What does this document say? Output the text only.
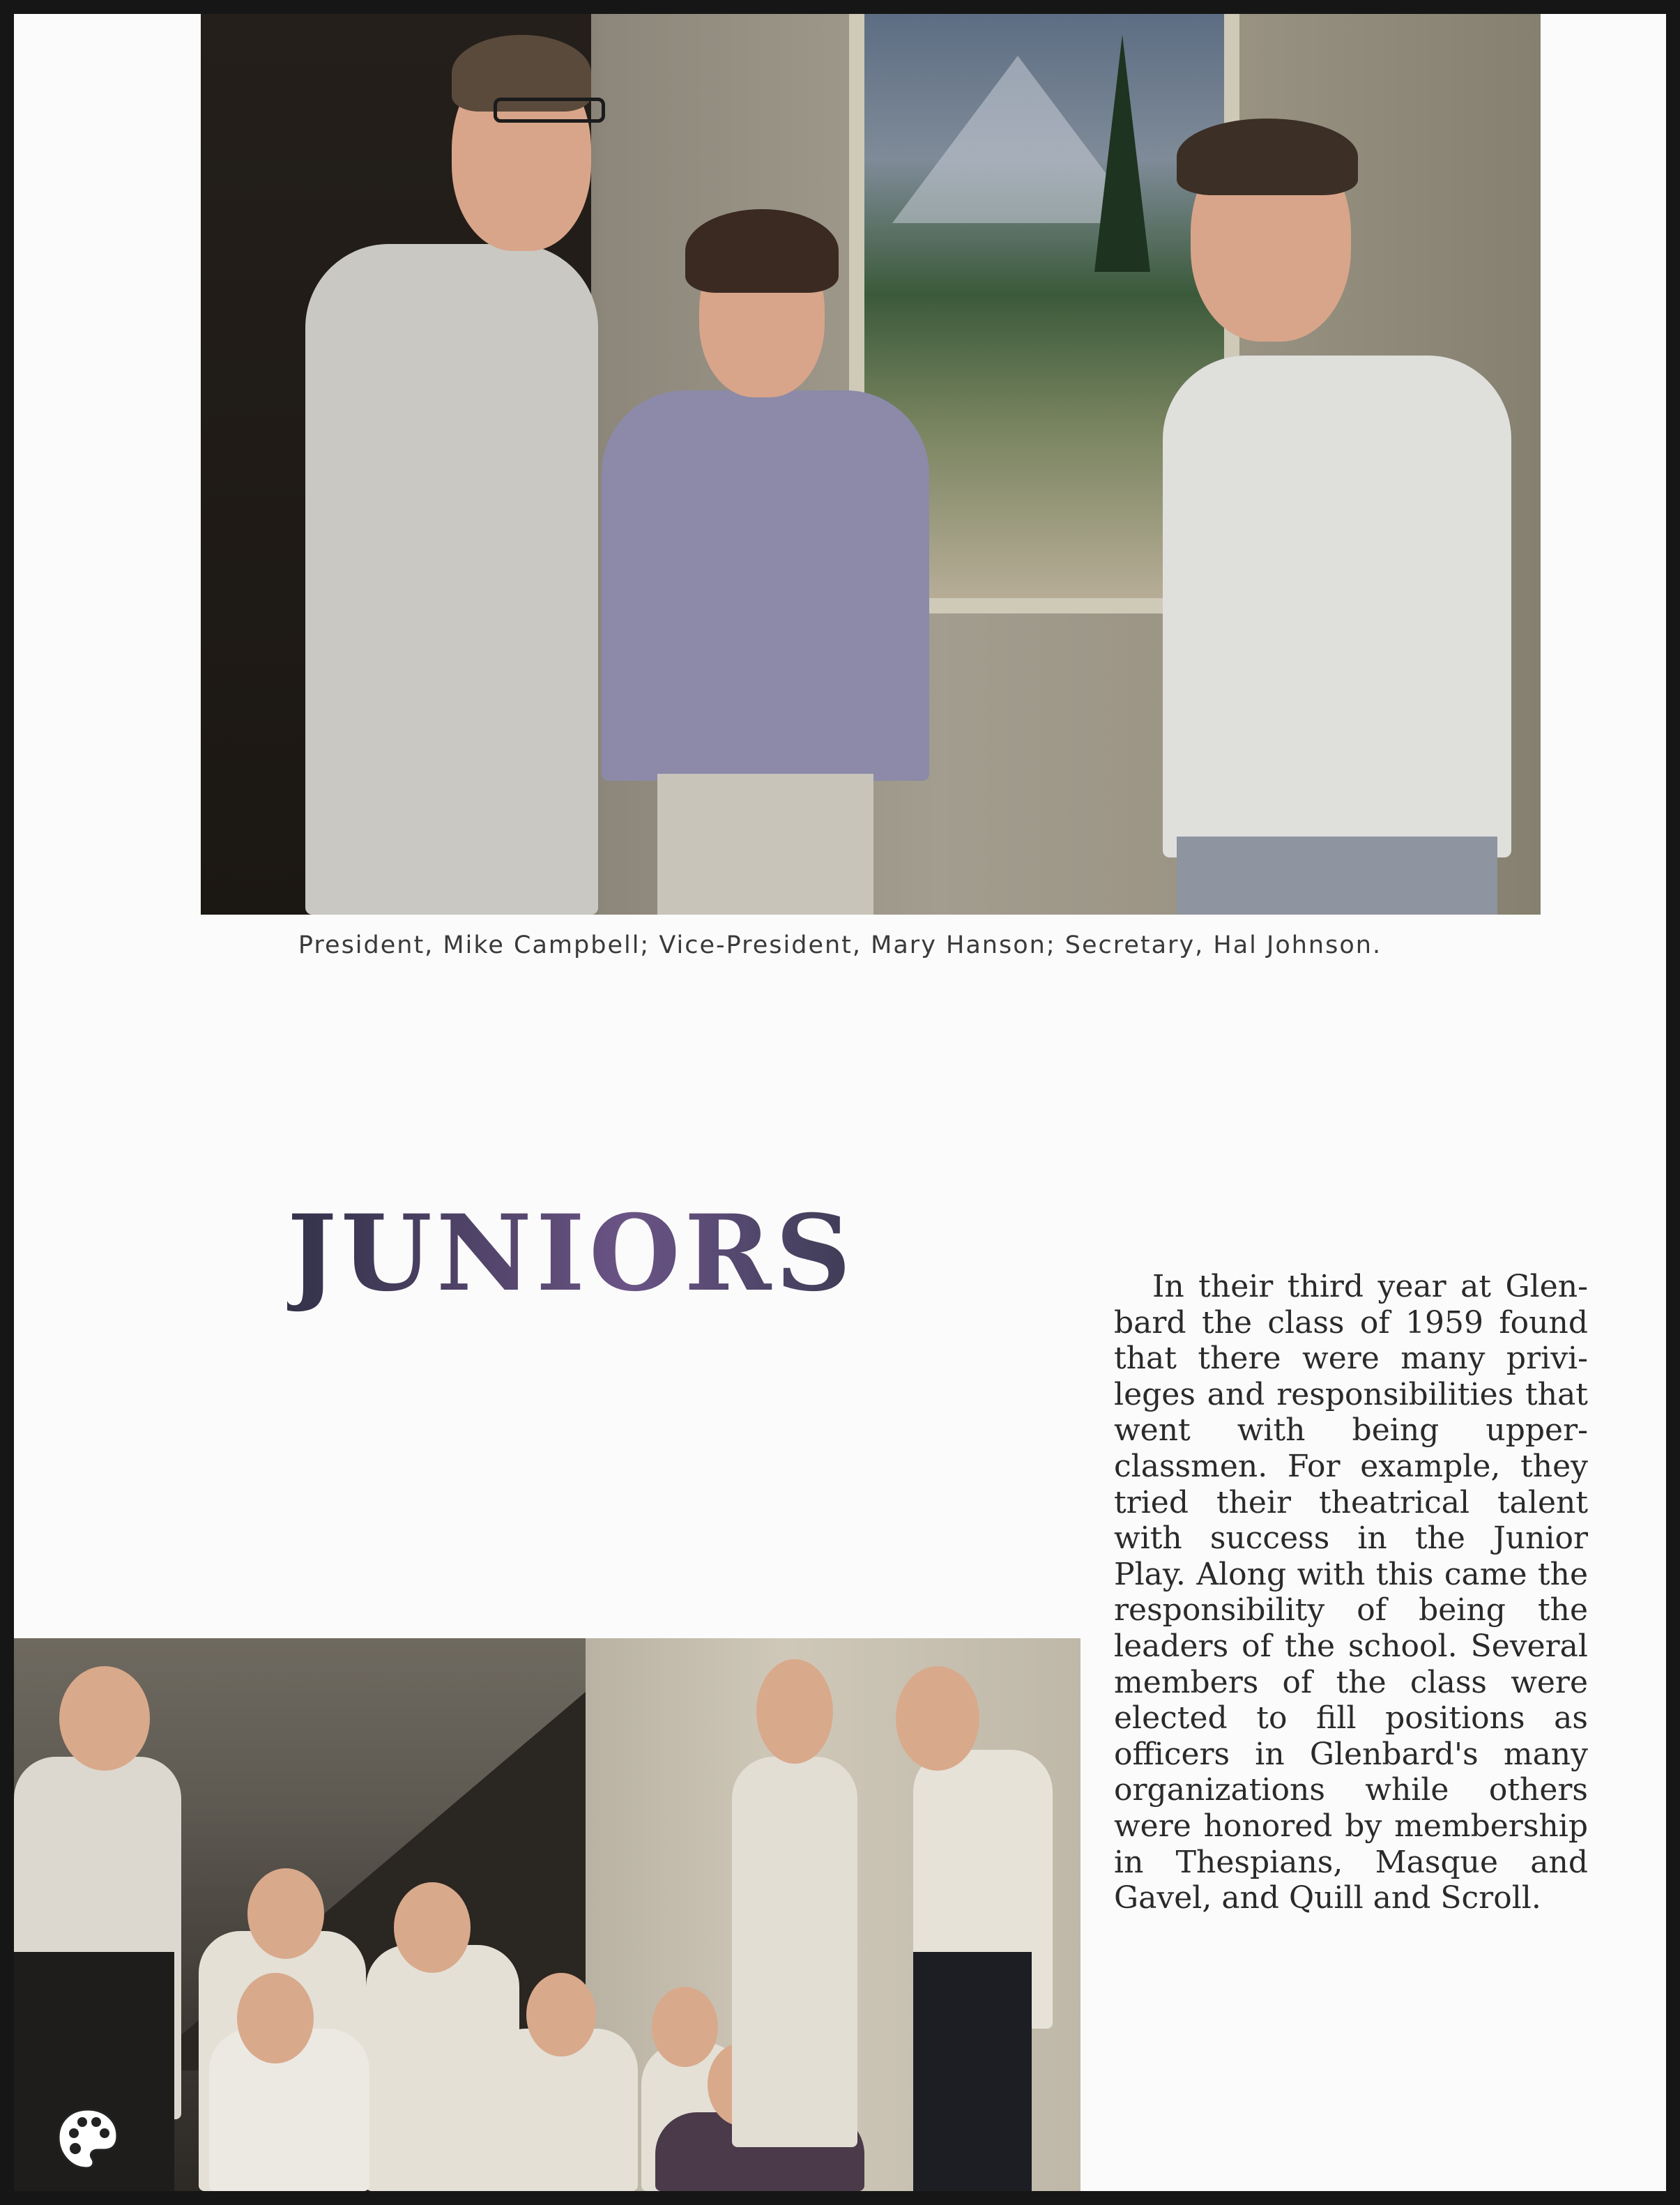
President, Mike Campbell; Vice-President, Mary Hanson; Secretary, Hal Johnson.
JUNIORS	In their third year at Glenbard the class of 1959 found that there were many privileges and responsibilities that went with being upperclassmen. For example, they tried their theatrical talent with success in the Junior Play. Along with this came the responsibility of being the leaders of the school. Several members of the class were elected to fill positions as officers in Glenbard's many organizations while others were honored by membership in Thespians, Masque and Gavel, and Quill and Scroll.
